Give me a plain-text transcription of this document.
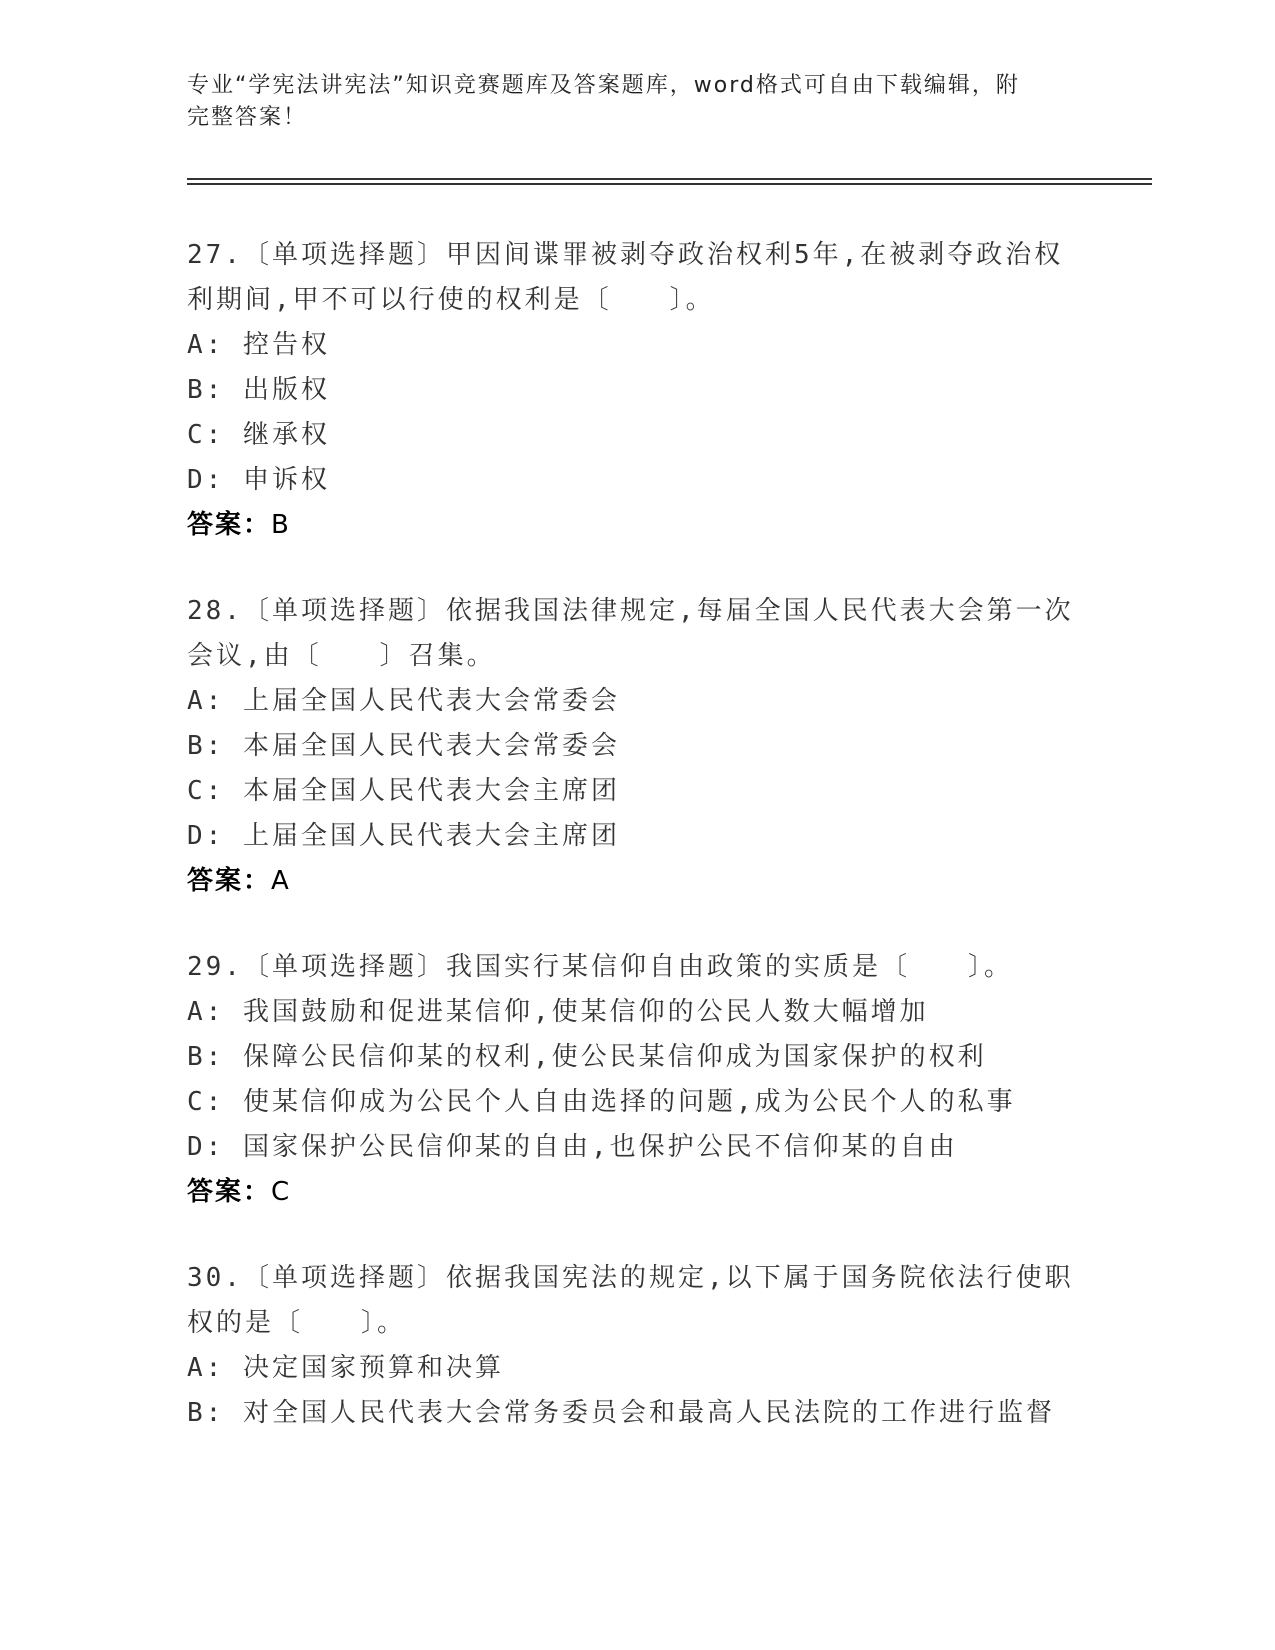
专业“学宪法讲宪法”知识竞赛题库及答案题库，word格式可自由下载编辑，附
完整答案！
27.〔单项选择题〕甲因间谍罪被剥夺政治权利5年,在被剥夺政治权
利期间,甲不可以行使的权利是〔　　〕。
A: 控告权
B: 出版权
C: 继承权
D: 申诉权
答案：B
28.〔单项选择题〕依据我国法律规定,每届全国人民代表大会第一次
会议,由〔　　〕召集。
A: 上届全国人民代表大会常委会
B: 本届全国人民代表大会常委会
C: 本届全国人民代表大会主席团
D: 上届全国人民代表大会主席团
答案：A
29.〔单项选择题〕我国实行某信仰自由政策的实质是〔　　〕。
A: 我国鼓励和促进某信仰,使某信仰的公民人数大幅增加
B: 保障公民信仰某的权利,使公民某信仰成为国家保护的权利
C: 使某信仰成为公民个人自由选择的问题,成为公民个人的私事
D: 国家保护公民信仰某的自由,也保护公民不信仰某的自由
答案：C
30.〔单项选择题〕依据我国宪法的规定,以下属于国务院依法行使职
权的是〔　　〕。
A: 决定国家预算和决算
B: 对全国人民代表大会常务委员会和最高人民法院的工作进行监督
